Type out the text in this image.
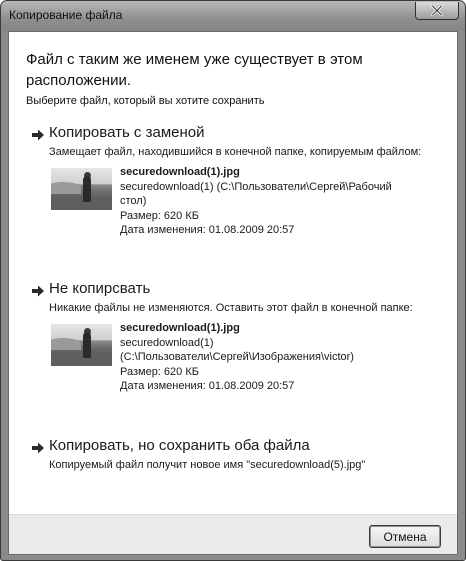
Копирование файла
Файл с таким же именем уже существует в этом расположении.
Выберите файл, который вы хотите сохранить
Копировать с заменой
Замещает файл, находившийся в конечной папке, копируемым файлом:
securedownload(1).jpg
securedownload(1) (C:\Пользователи\Сергей\Рабочий стол)
Размер: 620 КБ
Дата изменения: 01.08.2009 20:57
Не копирсвать
Никакие файлы не изменяются. Оставить этот файл в конечной папке:
securedownload(1).jpg
securedownload(1) (C:\Пользователи\Сергей\Изображения\victor)
Размер: 620 КБ
Дата изменения: 01.08.2009 20:57
Копировать, но сохранить оба файла
Копируемый файл получит новое имя "securedownload(5).jpg"
Отмена
